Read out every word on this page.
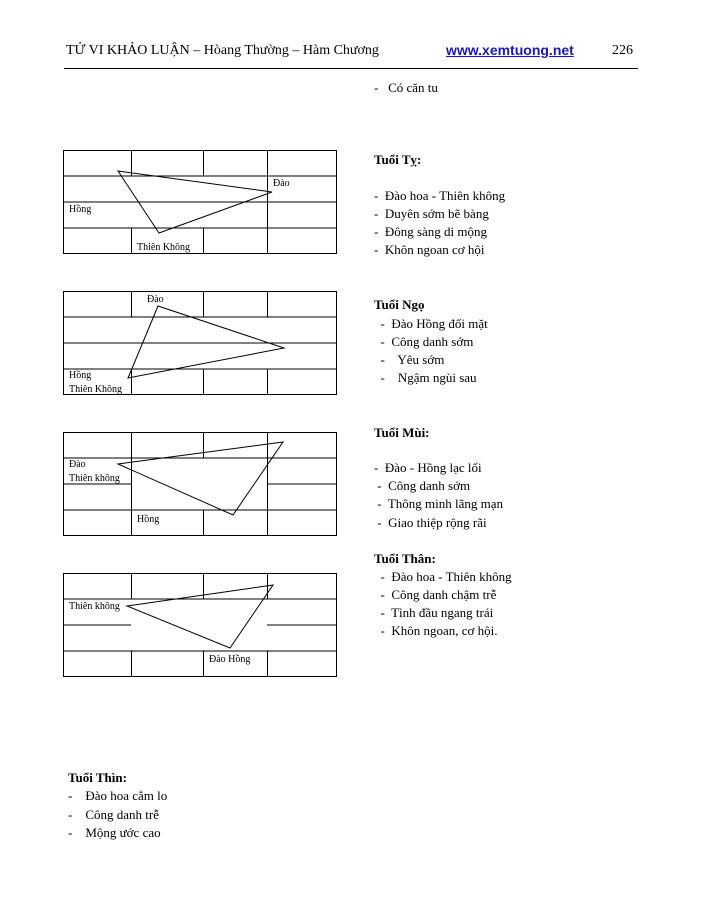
TỬ VI KHẢO LUẬN – Hòang Thường – Hàm Chương	www.xemtuong.net	226
-   Có căn tu
Đào
Hồng
Thiên Không
Đào
Hồng
Thiên Không
Đào
Thiên không
Hồng
Thiên không
Đào Hồng
Tuổi Tỵ:
-  Đào hoa - Thiên không
-  Duyên sớm bẽ bàng
-  Đông sàng di mộng
-  Khôn ngoan cơ hội
Tuổi Ngọ
-  Đào Hồng đối mặt
-  Công danh sớm
-    Yêu sớm
-    Ngậm ngùi sau
Tuổi Mùi:
-  Đào - Hồng lạc lối
-  Công danh sớm
-  Thông minh lãng mạn
-  Giao thiệp rộng rãi
Tuổi Thân:
-  Đào hoa - Thiên không
-  Công danh chậm trễ
-  Tình đầu ngang trái
-  Khôn ngoan, cơ hội.
Tuổi Thìn:
-    Đào hoa cắm lo
-    Công danh trễ
-    Mộng ước cao
